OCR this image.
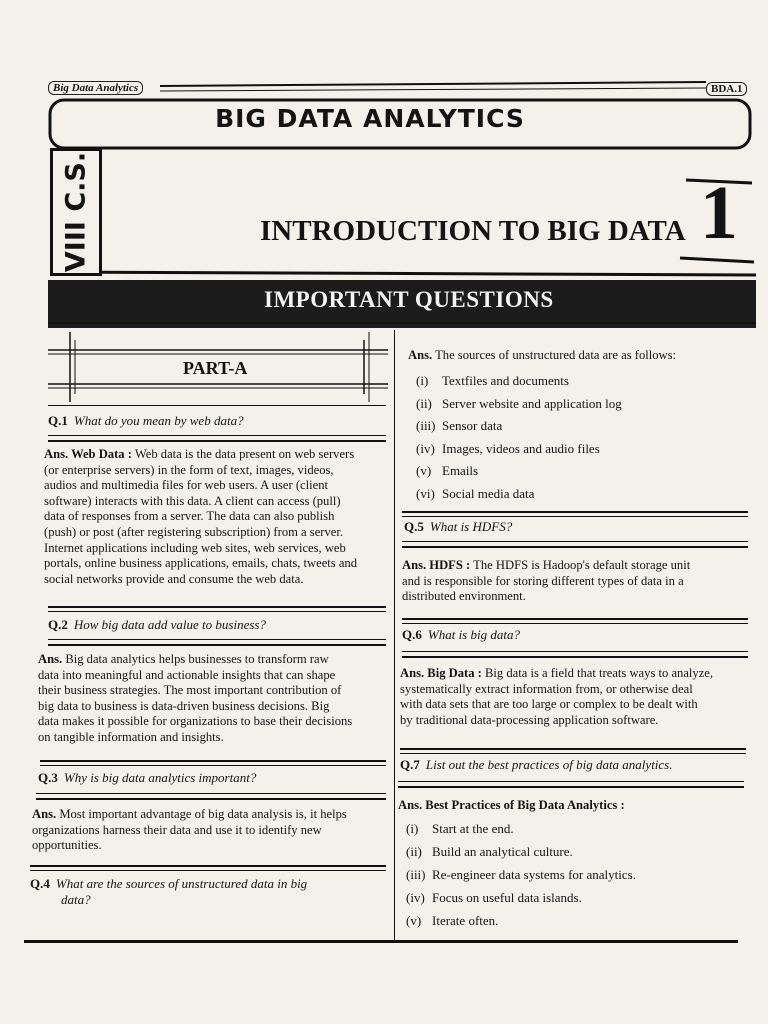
Big Data Analytics	BDA.1
BIG DATA ANALYTICS
VIII C.S.	INTRODUCTION TO BIG DATA 1
IMPORTANT QUESTIONS
PART-A
Q.1 What do you mean by web data?
Ans. Web Data : Web data is the data present on web servers
(or enterprise servers) in the form of text, images, videos,
audios and multimedia files for web users. A user (client
software) interacts with this data. A client can access (pull)
data of responses from a server. The data can also publish
(push) or post (after registering subscription) from a server.
Internet applications including web sites, web services, web
portals, online business applications, emails, chats, tweets and
social networks provide and consume the web data.
Q.2 How big data add value to business?
Ans. Big data analytics helps businesses to transform raw
data into meaningful and actionable insights that can shape
their business strategies. The most important contribution of
big data to business is data-driven business decisions. Big
data makes it possible for organizations to base their decisions
on tangible information and insights.
Q.3 Why is big data analytics important?
Ans. Most important advantage of big data analysis is, it helps
organizations harness their data and use it to identify new
opportunities.
Q.4 What are the sources of unstructured data in big
data?
Ans. The sources of unstructured data are as follows:
(i) Textfiles and documents
(ii) Server website and application log
(iii) Sensor data
(iv) Images, videos and audio files
(v) Emails
(vi) Social media data
Q.5 What is HDFS?
Ans. HDFS : The HDFS is Hadoop's default storage unit
and is responsible for storing different types of data in a
distributed environment.
Q.6 What is big data?
Ans. Big Data : Big data is a field that treats ways to analyze,
systematically extract information from, or otherwise deal
with data sets that are too large or complex to be dealt with
by traditional data-processing application software.
Q.7 List out the best practices of big data analytics.
Ans. Best Practices of Big Data Analytics :
(i) Start at the end.
(ii) Build an analytical culture.
(iii) Re-engineer data systems for analytics.
(iv) Focus on useful data islands.
(v) Iterate often.
